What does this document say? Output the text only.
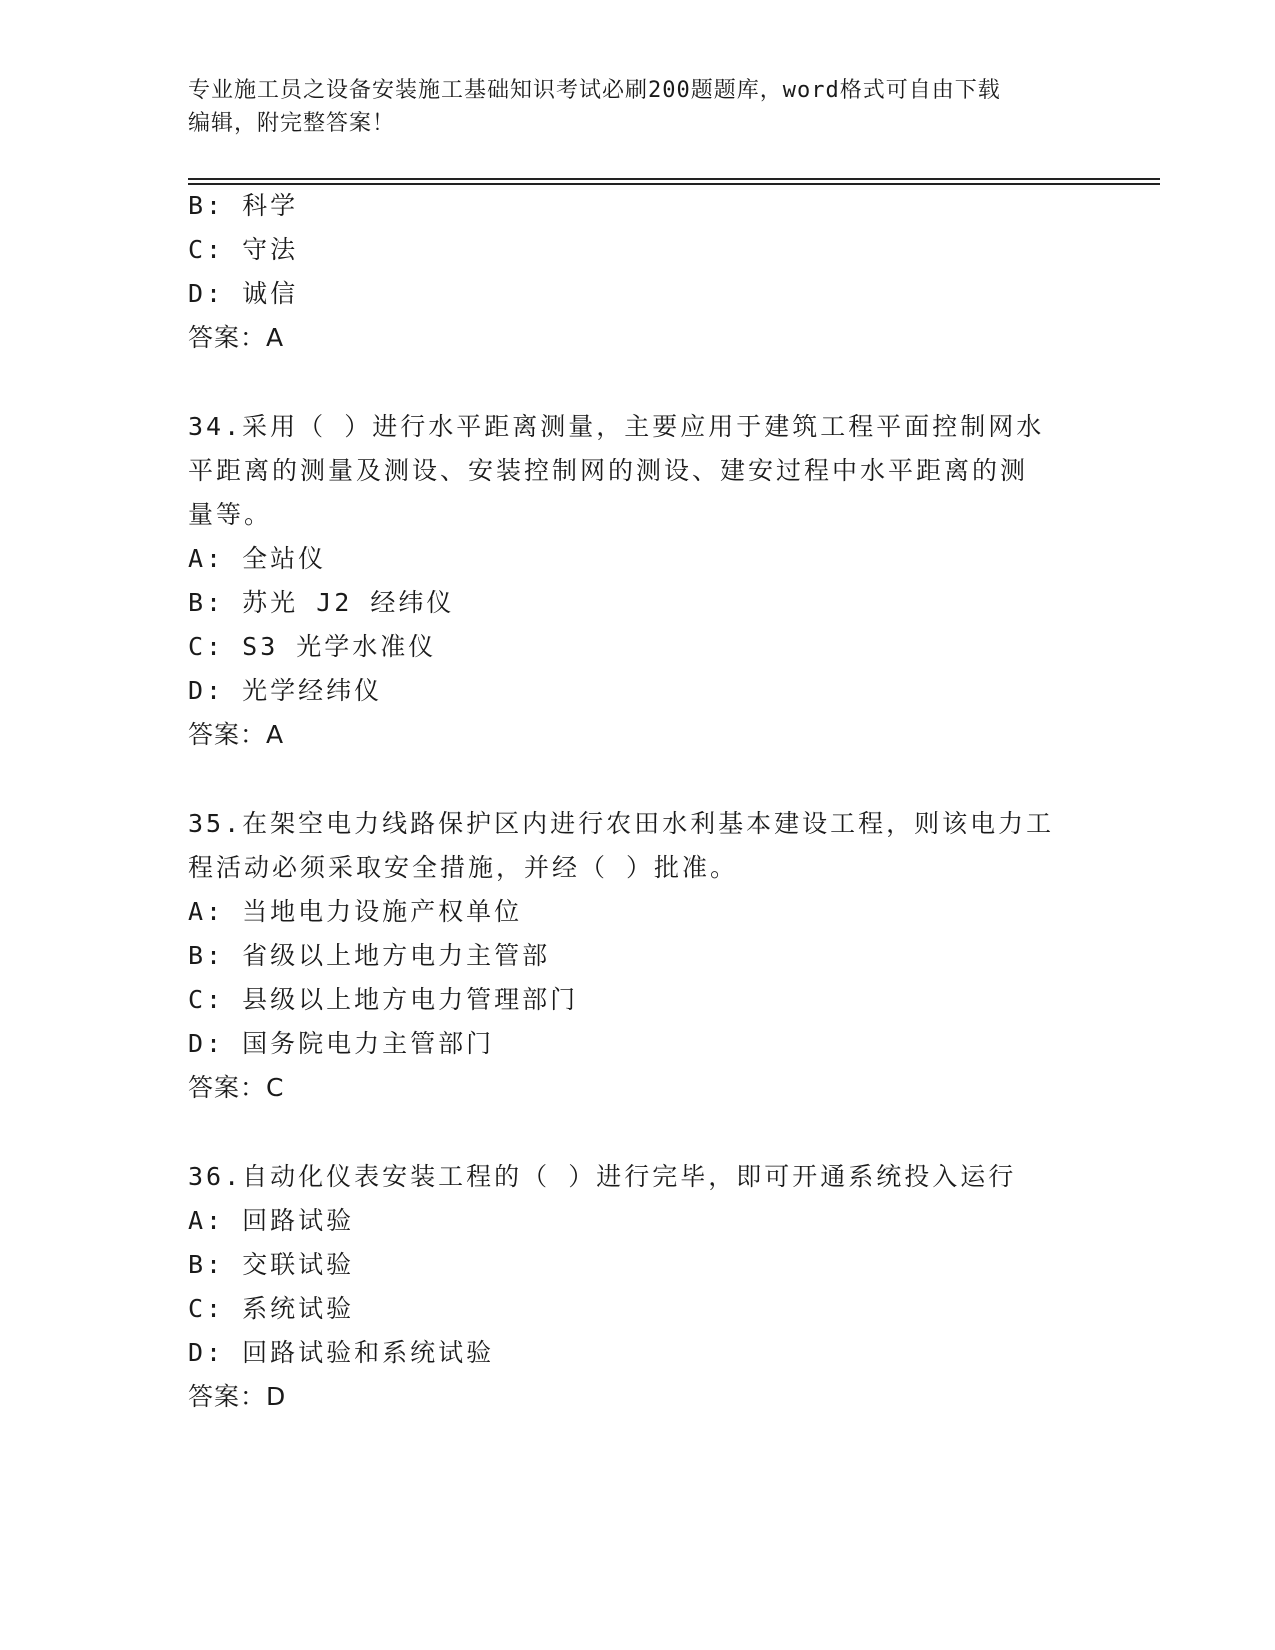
专业施工员之设备安装施工基础知识考试必刷200题题库，word格式可自由下载
编辑，附完整答案！
B: 科学
C: 守法
D: 诚信
答案：A
34.采用（ ）进行水平距离测量，主要应用于建筑工程平面控制网水
平距离的测量及测设、安装控制网的测设、建安过程中水平距离的测
量等。
A: 全站仪
B: 苏光 J2 经纬仪
C: S3 光学水准仪
D: 光学经纬仪
答案：A
35.在架空电力线路保护区内进行农田水利基本建设工程，则该电力工
程活动必须采取安全措施，并经（ ）批准。
A: 当地电力设施产权单位
B: 省级以上地方电力主管部
C: 县级以上地方电力管理部门
D: 国务院电力主管部门
答案：C
36.自动化仪表安装工程的（ ）进行完毕，即可开通系统投入运行
A: 回路试验
B: 交联试验
C: 系统试验
D: 回路试验和系统试验
答案：D
